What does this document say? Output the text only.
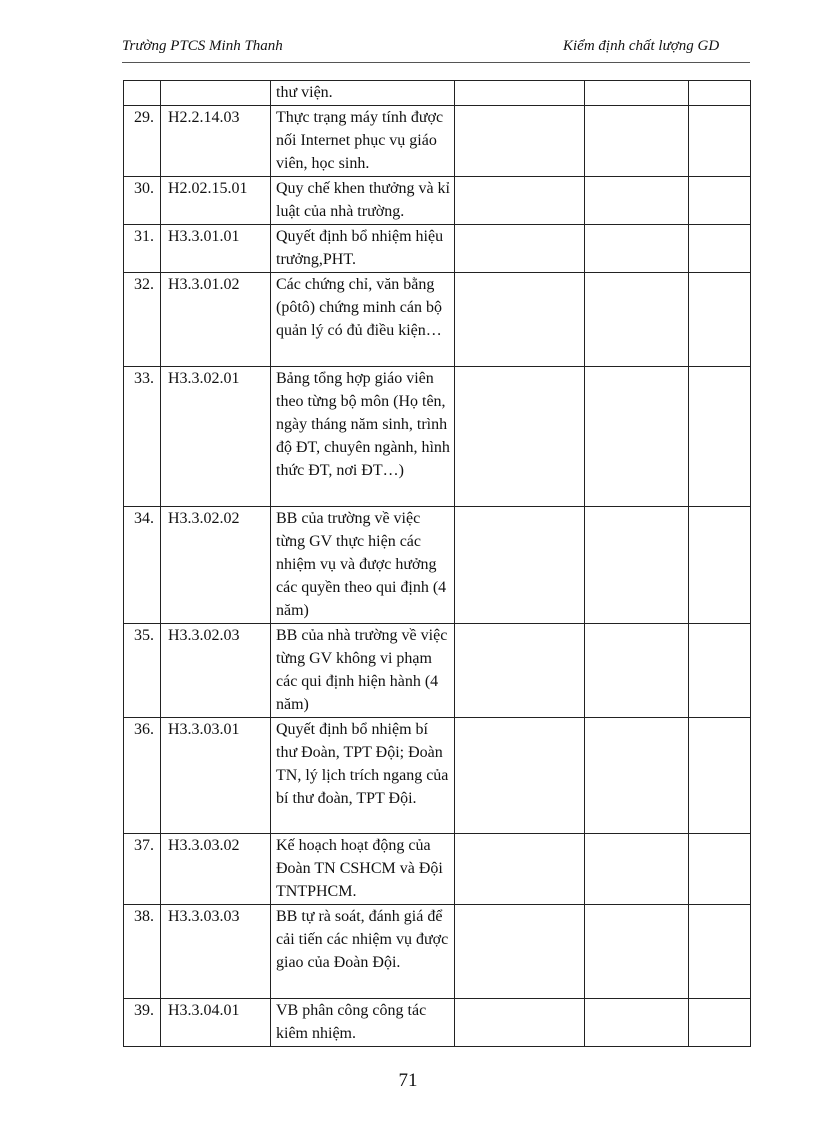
Trường PTCS Minh Thanh	Kiểm định chất lượng GD
		thư viện.			
29.	H2.2.14.03	Thực trạng máy tính được nối Internet phục vụ giáo viên, học sinh.			
30.	H2.02.15.01	Quy chế khen thưởng và kỉ luật của nhà trường.			
31.	H3.3.01.01	Quyết định bổ nhiệm hiệu trưởng,PHT.			
32.	H3.3.01.02	Các chứng chỉ, văn bằng (pôtô) chứng minh cán bộ quản lý có đủ điều kiện…			
33.	H3.3.02.01	Bảng tổng hợp giáo viên theo từng bộ môn (Họ tên, ngày tháng năm sinh, trình độ ĐT, chuyên ngành, hình thức ĐT, nơi ĐT…)			
34.	H3.3.02.02	BB của trường về việc từng GV thực hiện các nhiệm vụ và được hưởng các quyền theo qui định (4 năm)			
35.	H3.3.02.03	BB của nhà trường về việc từng GV không vi phạm các qui định hiện hành (4 năm)			
36.	H3.3.03.01	Quyết định bổ nhiệm bí thư Đoàn, TPT Đội; Đoàn TN, lý lịch trích ngang của bí thư đoàn, TPT Đội.			
37.	H3.3.03.02	Kế hoạch hoạt động của Đoàn TN CSHCM và Đội TNTPHCM.			
38.	H3.3.03.03	BB tự rà soát, đánh giá để cải tiến các nhiệm vụ được giao của Đoàn Đội.			
39.	H3.3.04.01	VB phân công công tác kiêm nhiệm.			
71
